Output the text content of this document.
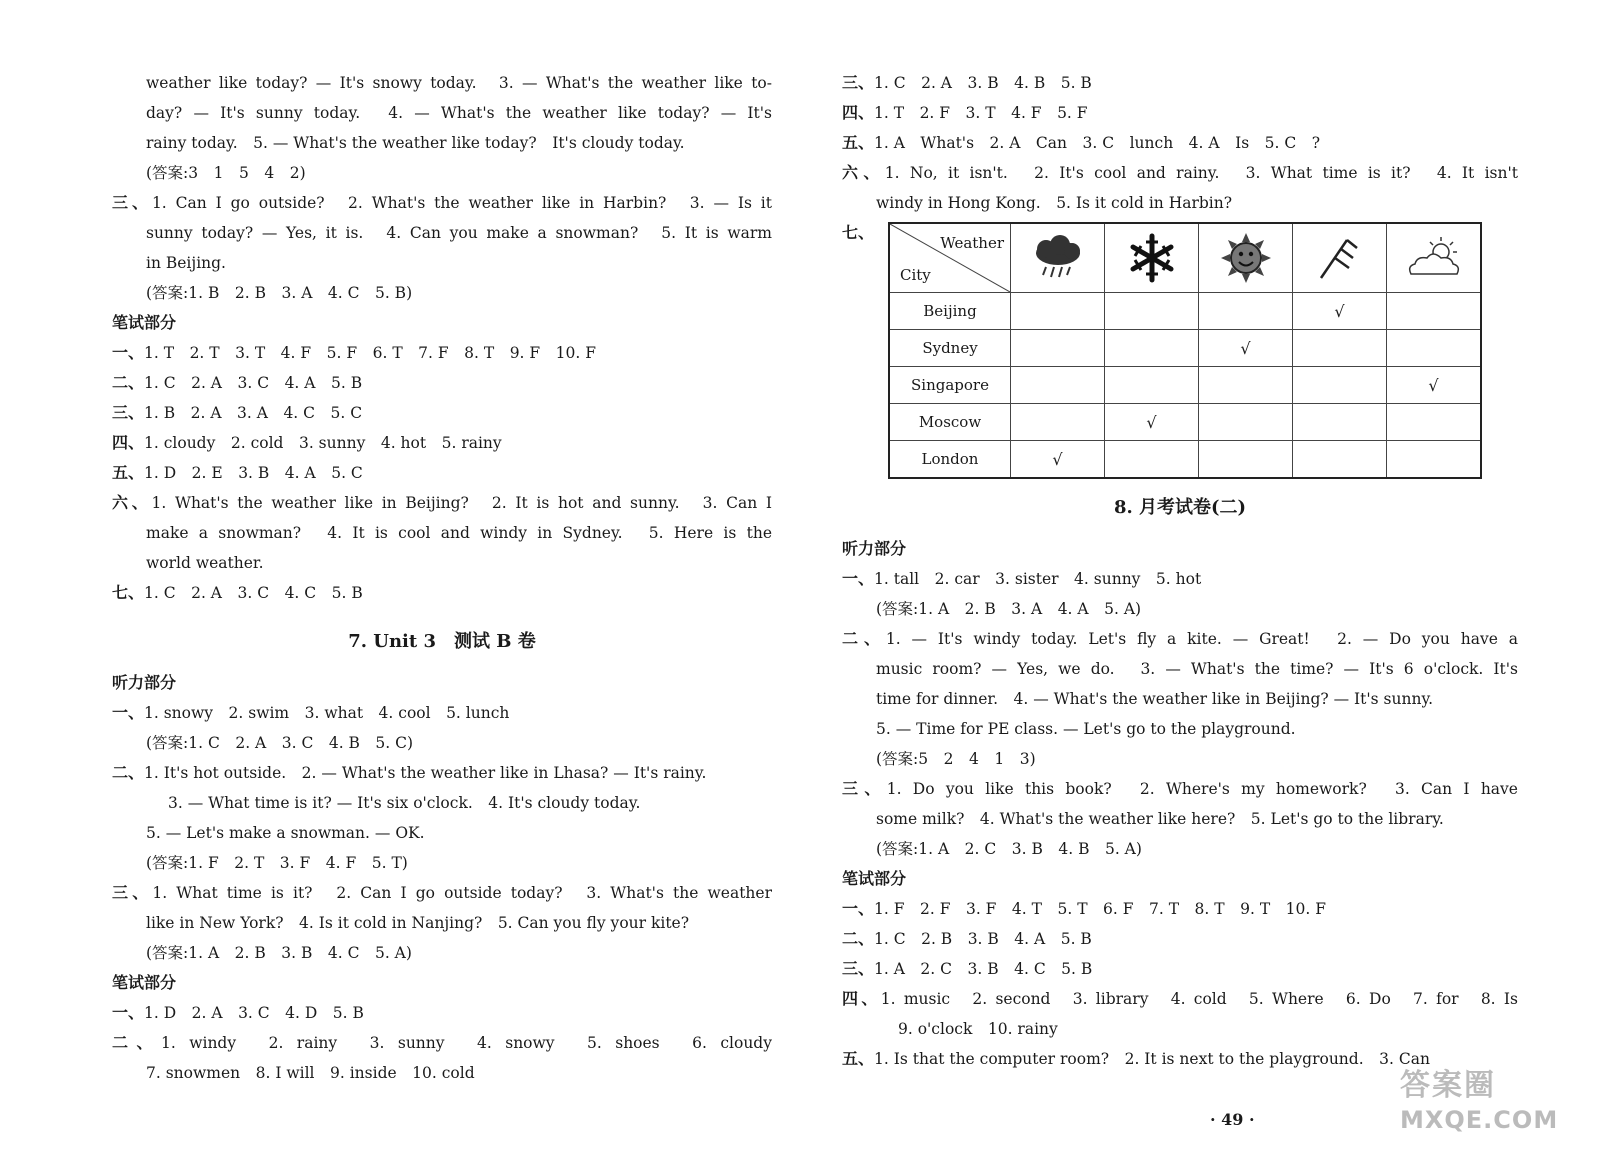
weather like today? — It's snowy today.　3. — What's the weather like to-
day? — It's sunny today.　4. — What's the weather like today? — It's
rainy today.　5. — What's the weather like today?　It's cloudy today.
(答案:3　1　5　4　2)
三、1. Can I go outside?　2. What's the weather like in Harbin?　3. — Is it
sunny today? — Yes, it is.　4. Can you make a snowman?　5. It is warm
in Beijing.
(答案:1. B　2. B　3. A　4. C　5. B)
笔试部分
一、1. T　2. T　3. T　4. F　5. F　6. T　7. F　8. T　9. F　10. F
二、1. C　2. A　3. C　4. A　5. B
三、1. B　2. A　3. A　4. C　5. C
四、1. cloudy　2. cold　3. sunny　4. hot　5. rainy
五、1. D　2. E　3. B　4. A　5. C
六、1. What's the weather like in Beijing?　2. It is hot and sunny.　3. Can I
make a snowman?　4. It is cool and windy in Sydney.　5. Here is the
world weather.
七、1. C　2. A　3. C　4. C　5. B
7. Unit 3　测试 B 卷
听力部分
一、1. snowy　2. swim　3. what　4. cool　5. lunch
(答案:1. C　2. A　3. C　4. B　5. C)
二、1. It's hot outside.　2. — What's the weather like in Lhasa? — It's rainy.
3. — What time is it? — It's six o'clock.　4. It's cloudy today.
5. — Let's make a snowman. — OK.
(答案:1. F　2. T　3. F　4. F　5. T)
三、1. What time is it?　2. Can I go outside today?　3. What's the weather
like in New York?　4. Is it cold in Nanjing?　5. Can you fly your kite?
(答案:1. A　2. B　3. B　4. C　5. A)
笔试部分
一、1. D　2. A　3. C　4. D　5. B
二、1. windy　2. rainy　3. sunny　4. snowy　5. shoes　6. cloudy
7. snowmen　8. I will　9. inside　10. cold
三、1. C　2. A　3. B　4. B　5. B
四、1. T　2. F　3. T　4. F　5. F
五、1. A　What's　2. A　Can　3. C　lunch　4. A　Is　5. C　?
六、1. No, it isn't.　2. It's cool and rainy.　3. What time is it?　4. It isn't
windy in Hong Kong.　5. Is it cold in Harbin?
七、
Weather
City

Beijing				√	
Sydney			√		
Singapore					√
Moscow		√			
London	√				
8. 月考试卷(二)
听力部分
一、1. tall　2. car　3. sister　4. sunny　5. hot
(答案:1. A　2. B　3. A　4. A　5. A)
二、1. — It's windy today. Let's fly a kite. — Great!　2. — Do you have a
music room? — Yes, we do.　3. — What's the time? — It's 6 o'clock. It's
time for dinner.　4. — What's the weather like in Beijing? — It's sunny.
5. — Time for PE class. — Let's go to the playground.
(答案:5　2　4　1　3)
三、1. Do you like this book?　2. Where's my homework?　3. Can I have
some milk?　4. What's the weather like here?　5. Let's go to the library.
(答案:1. A　2. C　3. B　4. B　5. A)
笔试部分
一、1. F　2. F　3. F　4. T　5. T　6. F　7. T　8. T　9. T　10. F
二、1. C　2. B　3. B　4. A　5. B
三、1. A　2. C　3. B　4. C　5. B
四、1. music　2. second　3. library　4. cold　5. Where　6. Do　7. for　8. Is
9. o'clock　10. rainy
五、1. Is that the computer room?　2. It is next to the playground.　3. Can
· 49 ·
答案圈
MXQE.COM
